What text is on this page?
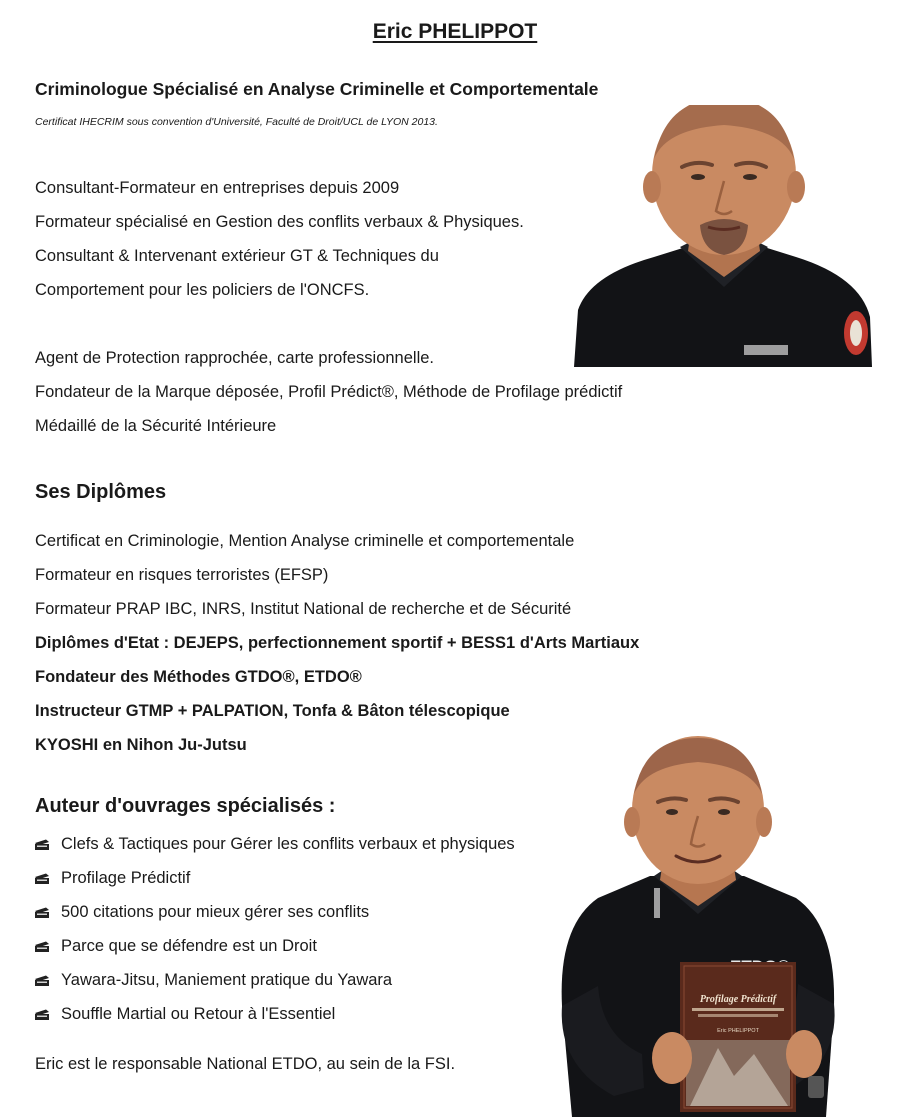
Eric PHELIPPOT
Criminologue Spécialisé en Analyse Criminelle et Comportementale
Certificat IHECRIM sous convention d'Université, Faculté de Droit/UCL de LYON 2013.
Consultant-Formateur en entreprises depuis 2009
Formateur spécialisé en Gestion des conflits verbaux & Physiques.
Consultant & Intervenant extérieur GT & Techniques du
Comportement pour les policiers de l'ONCFS.
Agent de Protection rapprochée, carte professionnelle.
Fondateur de la Marque déposée, Profil Prédict®, Méthode de Profilage prédictif
Médaillé de la Sécurité Intérieure
Ses Diplômes
Certificat en Criminologie, Mention Analyse criminelle et comportementale
Formateur en risques terroristes (EFSP)
Formateur PRAP IBC, INRS, Institut National de recherche et de Sécurité
Diplômes d'Etat : DEJEPS, perfectionnement sportif + BESS1 d'Arts Martiaux
Fondateur des Méthodes GTDO®, ETDO®
Instructeur GTMP + PALPATION, Tonfa & Bâton télescopique
KYOSHI en Nihon Ju-Jutsu
Auteur d'ouvrages spécialisés :
Clefs & Tactiques pour Gérer les conflits verbaux et physiques
Profilage Prédictif
500 citations pour mieux gérer ses conflits
Parce que se défendre est un Droit
Yawara-Jitsu, Maniement pratique du Yawara
Souffle Martial ou Retour à l'Essentiel
Eric est le responsable National ETDO, au sein de la FSI.
Profilage Prédictif
Eric PHELIPPOT
